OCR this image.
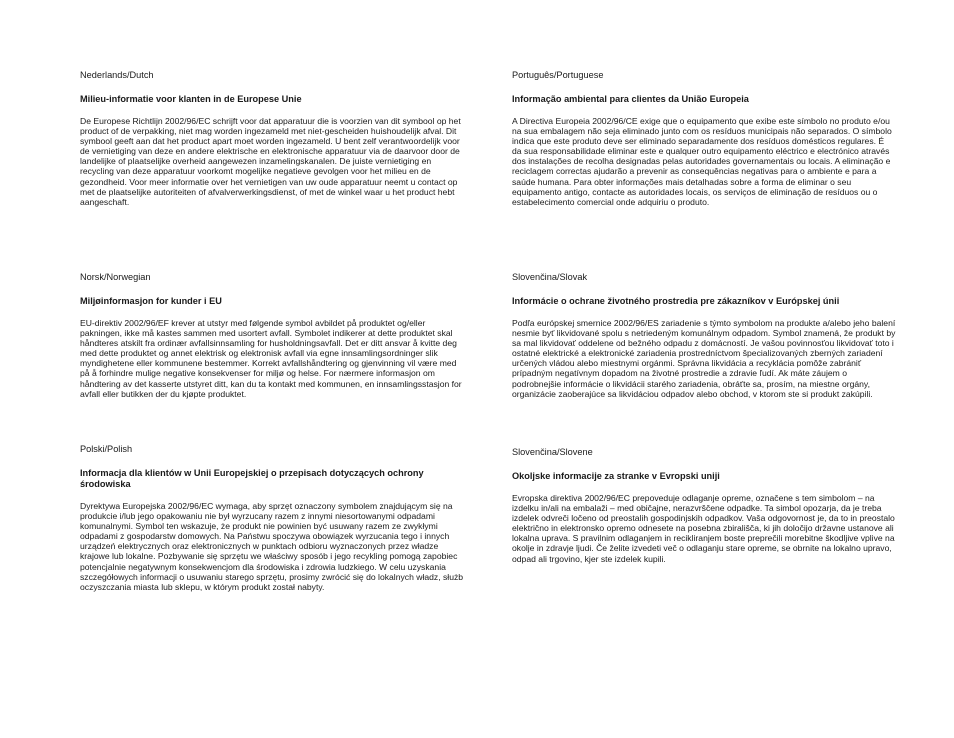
Nederlands/Dutch

Milieu-informatie voor klanten in de Europese Unie

De Europese Richtlijn 2002/96/EC schrijft voor dat apparatuur die is voorzien van dit symbool op het product of de verpakking, niet mag worden ingezameld met niet-gescheiden huishoudelijk afval. Dit symbool geeft aan dat het product apart moet worden ingezameld. U bent zelf verantwoordelijk voor de vernietiging van deze en andere elektrische en elektronische apparatuur via de daarvoor door de landelijke of plaatselijke overheid aangewezen inzamelingskanalen. De juiste vernietiging en recycling van deze apparatuur voorkomt mogelijke negatieve gevolgen voor het milieu en de gezondheid. Voor meer informatie over het vernietigen van uw oude apparatuur neemt u contact op met de plaatselijke autoriteiten of afvalverwerkingsdienst, of met de winkel waar u het product hebt aangeschaft.

Norsk/Norwegian

Miljøinformasjon for kunder i EU

EU-direktiv 2002/96/EF krever at utstyr med følgende symbol avbildet på produktet og/eller pakningen, ikke må kastes sammen med usortert avfall. Symbolet indikerer at dette produktet skal håndteres atskilt fra ordinær avfallsinnsamling for husholdningsavfall. Det er ditt ansvar å kvitte deg med dette produktet og annet elektrisk og elektronisk avfall via egne innsamlingsordninger slik myndighetene eller kommunene bestemmer. Korrekt avfallshåndtering og gjenvinning vil være med på å forhindre mulige negative konsekvenser for miljø og helse. For nærmere informasjon om håndtering av det kasserte utstyret ditt, kan du ta kontakt med kommunen, en innsamlingsstasjon for avfall eller butikken der du kjøpte produktet.

Polski/Polish

Informacja dla klientów w Unii Europejskiej o przepisach dotyczących ochrony środowiska

Dyrektywa Europejska 2002/96/EC wymaga, aby sprzęt oznaczony symbolem znajdującym się na produkcie i/lub jego opakowaniu nie był wyrzucany razem z innymi niesortowanymi odpadami komunalnymi. Symbol ten wskazuje, że produkt nie powinien być usuwany razem ze zwykłymi odpadami z gospodarstw domowych. Na Państwu spoczywa obowiązek wyrzucania tego i innych urządzeń elektrycznych oraz elektronicznych w punktach odbioru wyznaczonych przez władze krajowe lub lokalne. Pozbywanie się sprzętu we właściwy sposób i jego recykling pomogą zapobiec potencjalnie negatywnym konsekwencjom dla środowiska i zdrowia ludzkiego. W celu uzyskania szczegółowych informacji o usuwaniu starego sprzętu, prosimy zwrócić się do lokalnych władz, służb oczyszczania miasta lub sklepu, w którym produkt został nabyty.

Português/Portuguese

Informação ambiental para clientes da União Europeia

A Directiva Europeia 2002/96/CE exige que o equipamento que exibe este símbolo no produto e/ou na sua embalagem não seja eliminado junto com os resíduos municipais não separados. O símbolo indica que este produto deve ser eliminado separadamente dos resíduos domésticos regulares. É da sua responsabilidade eliminar este e qualquer outro equipamento eléctrico e electrónico através dos instalações de recolha designadas pelas autoridades governamentais ou locais. A eliminação e reciclagem correctas ajudarão a prevenir as consequências negativas para o ambiente e para a saúde humana. Para obter informações mais detalhadas sobre a forma de eliminar o seu equipamento antigo, contacte as autoridades locais, os serviços de eliminação de resíduos ou o estabelecimento comercial onde adquiriu o produto.

Slovenčina/Slovak

Informácie o ochrane životného prostredia pre zákazníkov v Európskej únii

Podľa európskej smernice 2002/96/ES zariadenie s týmto symbolom na produkte a/alebo jeho balení nesmie byť likvidované spolu s netriedeným komunálnym odpadom. Symbol znamená, že produkt by sa mal likvidovať oddelene od bežného odpadu z domácností. Je vašou povinnosťou likvidovať toto i ostatné elektrické a elektronické zariadenia prostredníctvom špecializovaných zberných zariadení určených vládou alebo miestnymi orgánmi. Správna likvidácia a recyklácia pomôže zabrániť prípadným negatívnym dopadom na životné prostredie a zdravie ľudí. Ak máte záujem o podrobnejšie informácie o likvidácii starého zariadenia, obráťte sa, prosím, na miestne orgány, organizácie zaoberajúce sa likvidáciou odpadov alebo obchod, v ktorom ste si produkt zakúpili.

Slovenčina/Slovene

Okoljske informacije za stranke v Evropski uniji

Evropska direktiva 2002/96/EC prepoveduje odlaganje opreme, označene s tem simbolom – na izdelku in/ali na embalaži – med običajne, nerazvrščene odpadke. Ta simbol opozarja, da je treba izdelek odvreči ločeno od preostalih gospodinjskih odpadkov. Vaša odgovornost je, da to in preostalo električno in elektronsko opremo odnesete na posebna zbirališča, ki jih določijo državne ustanove ali lokalna uprava. S pravilnim odlaganjem in recikliranjem boste preprečili morebitne škodljive vplive na okolje in zdravje ljudi. Če želite izvedeti več o odlaganju stare opreme, se obrnite na lokalno upravo, odpad ali trgovino, kjer ste izdelek kupili.
